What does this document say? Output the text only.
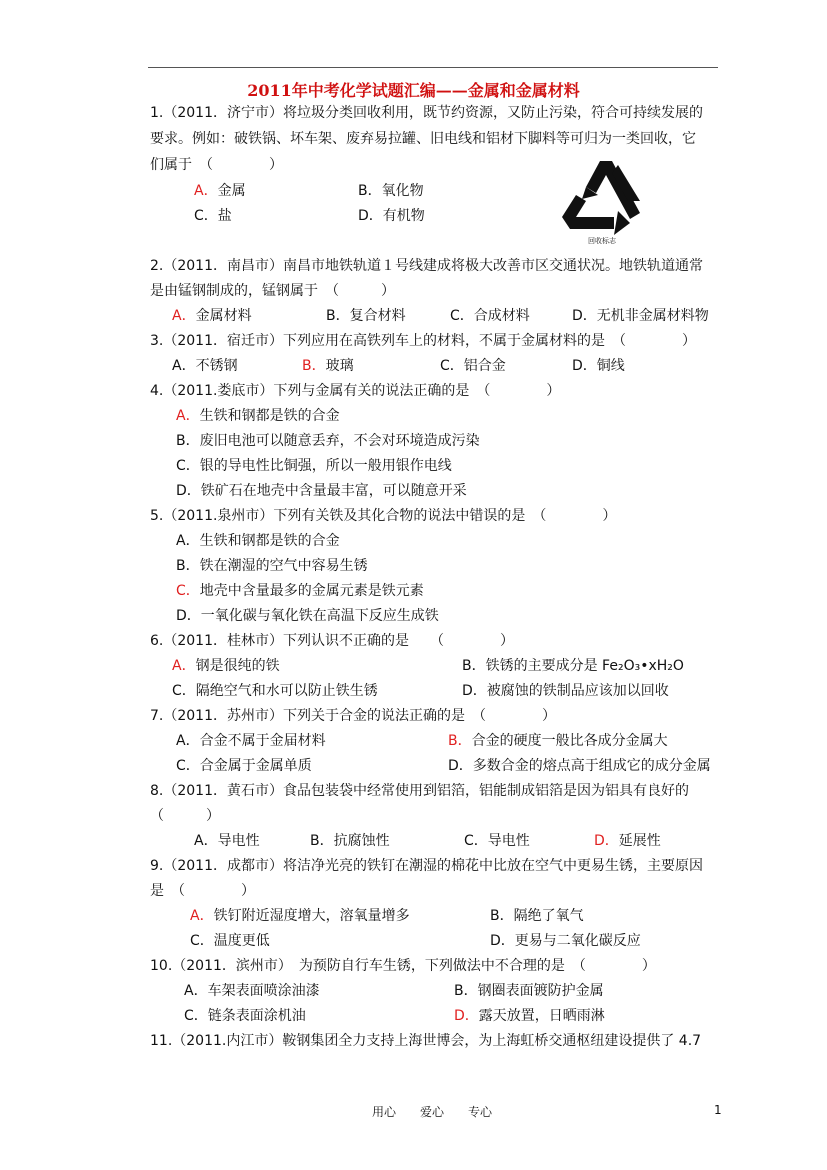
2011年中考化学试题汇编——金属和金属材料
1.（2011．济宁市）将垃圾分类回收利用，既节约资源，又防止污染，符合可持续发展的
要求。例如：破铁锅、坏车架、废弃易拉罐、旧电线和铝材下脚料等可归为一类回收，它
们属于　（　　　　）
A．金属	B．氧化物
C．盐	D．有机物
2.（2011．南昌市）南昌市地铁轨道１号线建成将极大改善市区交通状况。地铁轨道通常
是由锰钢制成的，锰钢属于　（　　　）
A．金属材料	B．复合材料	C．合成材料	D．无机非金属材料物
3.（2011．宿迁市）下列应用在高铁列车上的材料，不属于金属材料的是　（　　　　）
A．不锈钢	B．玻璃	C．铝合金	D．铜线
4.（2011.娄底市）下列与金属有关的说法正确的是　（　　　　）
A．生铁和钢都是铁的合金
B．废旧电池可以随意丢弃，不会对环境造成污染
C．银的导电性比铜强，所以一般用银作电线
D．铁矿石在地壳中含量最丰富，可以随意开采
5.（2011.泉州市）下列有关铁及其化合物的说法中错误的是　（　　　　）
A．生铁和钢都是铁的合金
B．铁在潮湿的空气中容易生锈
C．地壳中含量最多的金属元素是铁元素
D．一氧化碳与氧化铁在高温下反应生成铁
6.（2011．桂林市）下列认识不正确的是　　（　　　　）
A．钢是很纯的铁	B．铁锈的主要成分是 Fe₂O₃•xH₂O
C．隔绝空气和水可以防止铁生锈	D．被腐蚀的铁制品应该加以回收
7.（2011．苏州市）下列关于合金的说法正确的是　（　　　　）
A．合金不属于金届材料	B．合金的硬度一般比各成分金属大
C．合金属于金属单质	D．多数合金的熔点高于组成它的成分金属
8.（2011．黄石市）食品包装袋中经常使用到铝箔，铝能制成铝箔是因为铝具有良好的
（　　　）
A．导电性	B．抗腐蚀性	C．导电性	D．延展性
9.（2011．成都市）将洁净光亮的铁钉在潮湿的棉花中比放在空气中更易生锈，主要原因
是　（　　　　）
A．铁钉附近湿度增大，溶氧量增多	B．隔绝了氧气
C．温度更低	D．更易与二氧化碳反应
10.（2011．滨州市）　为预防自行车生锈，下列做法中不合理的是　（　　　　）
A．车架表面喷涂油漆	B．钢圈表面镀防护金属
C．链条表面涂机油	D．露天放置，日晒雨淋
11.（2011.内江市）鞍钢集团全力支持上海世博会，为上海虹桥交通枢纽建设提供了 4.7
回收标志
用心　　爱心　　专心	1
